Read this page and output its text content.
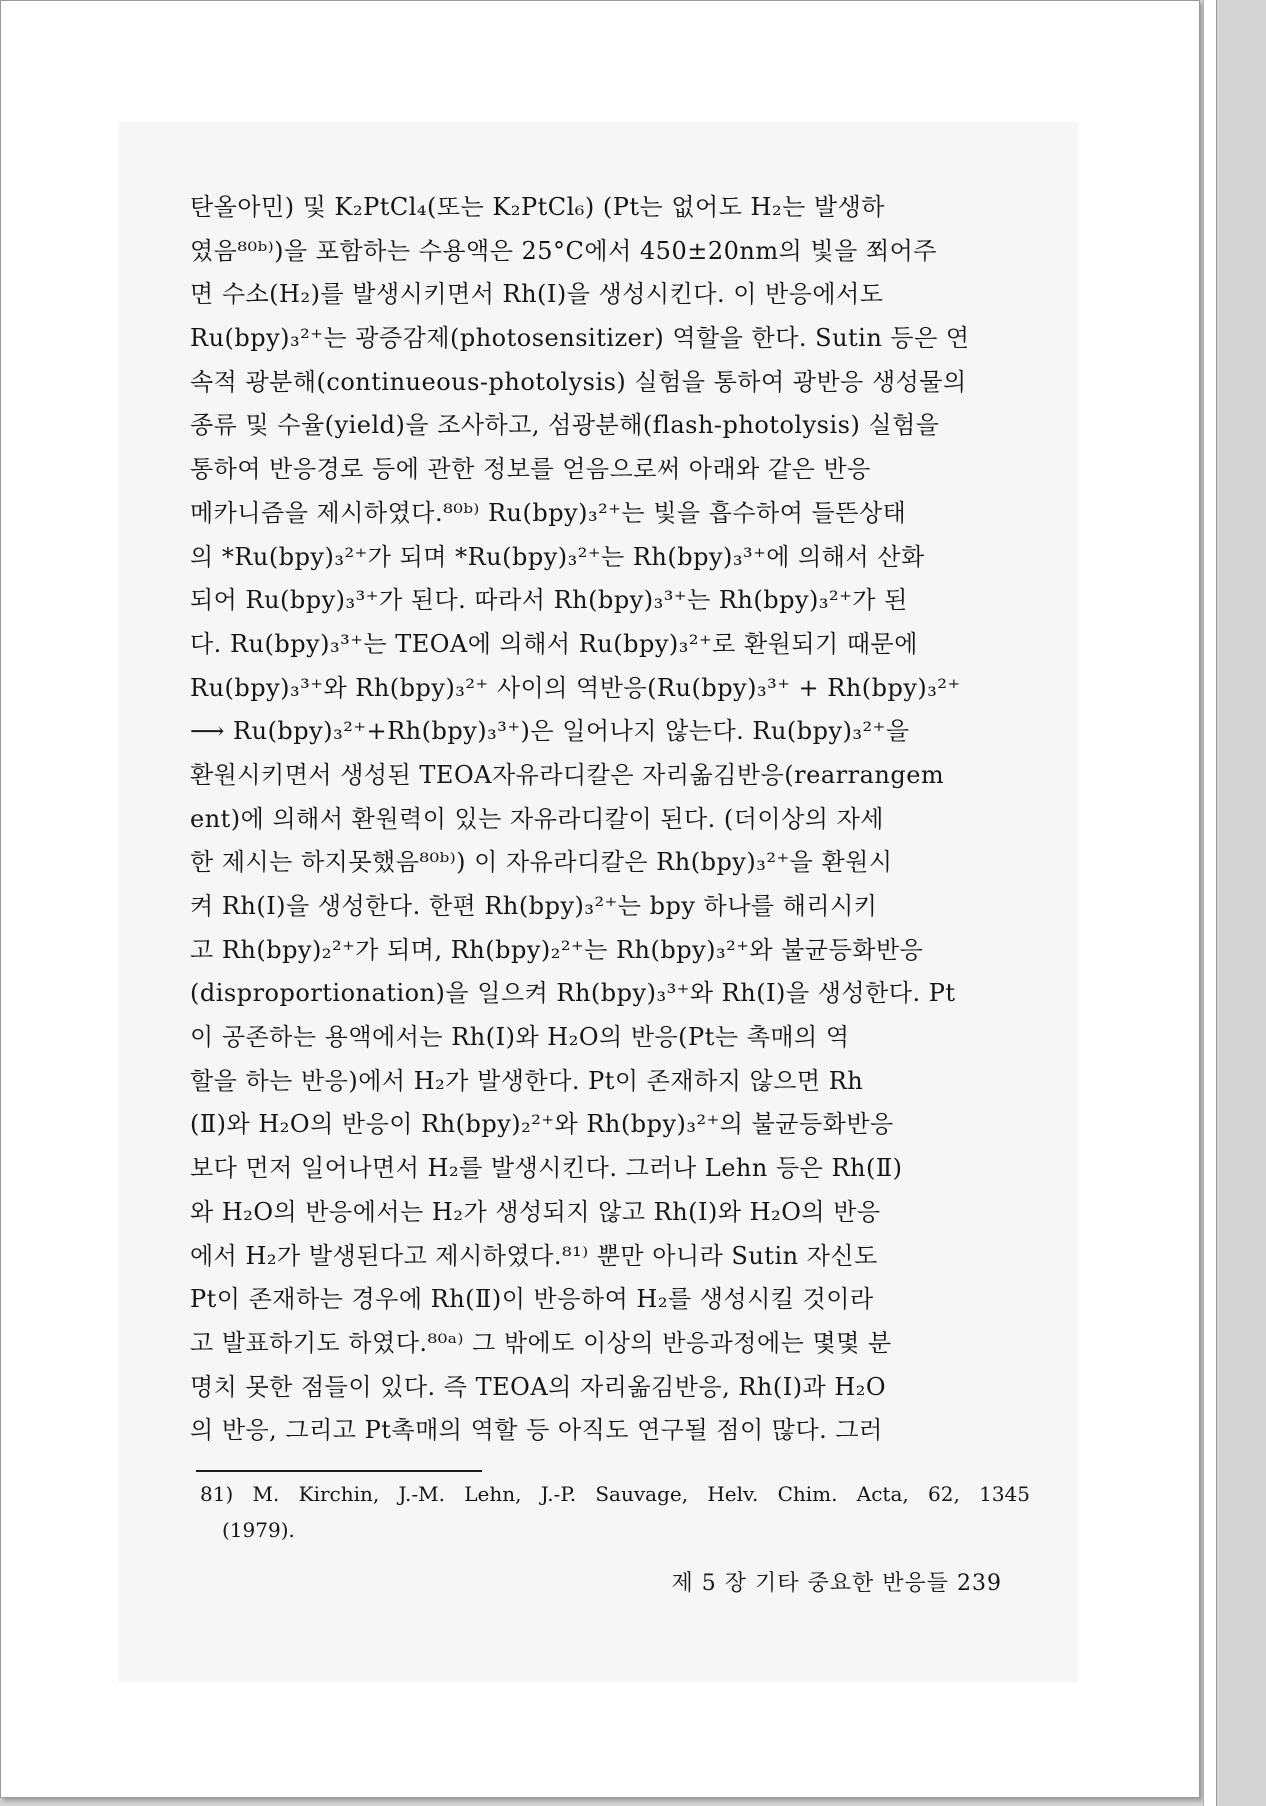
탄올아민) 및 K₂PtCl₄(또는 K₂PtCl₆) (Pt는 없어도 H₂는 발생하
였음⁸⁰ᵇ⁾)을 포함하는 수용액은 25°C에서 450±20nm의 빛을 쬐어주
면 수소(H₂)를 발생시키면서 Rh(Ⅰ)을 생성시킨다. 이 반응에서도
Ru(bpy)₃²⁺는 광증감제(photosensitizer) 역할을 한다. Sutin 등은 연
속적 광분해(continueous-photolysis) 실험을 통하여 광반응 생성물의
종류 및 수율(yield)을 조사하고, 섬광분해(flash-photolysis) 실험을
통하여 반응경로 등에 관한 정보를 얻음으로써 아래와 같은 반응
메카니즘을 제시하였다.⁸⁰ᵇ⁾ Ru(bpy)₃²⁺는 빛을 흡수하여 들뜬상태
의 *Ru(bpy)₃²⁺가 되며 *Ru(bpy)₃²⁺는 Rh(bpy)₃³⁺에 의해서 산화
되어 Ru(bpy)₃³⁺가 된다. 따라서 Rh(bpy)₃³⁺는 Rh(bpy)₃²⁺가 된
다. Ru(bpy)₃³⁺는 TEOA에 의해서 Ru(bpy)₃²⁺로 환원되기 때문에
Ru(bpy)₃³⁺와 Rh(bpy)₃²⁺ 사이의 역반응(Ru(bpy)₃³⁺ + Rh(bpy)₃²⁺
⟶ Ru(bpy)₃²⁺+Rh(bpy)₃³⁺)은 일어나지 않는다. Ru(bpy)₃²⁺을
환원시키면서 생성된 TEOA자유라디칼은 자리옮김반응(rearrangem
ent)에 의해서 환원력이 있는 자유라디칼이 된다. (더이상의 자세
한 제시는 하지못했음⁸⁰ᵇ⁾) 이 자유라디칼은 Rh(bpy)₃²⁺을 환원시
켜 Rh(Ⅰ)을 생성한다. 한편 Rh(bpy)₃²⁺는 bpy 하나를 해리시키
고 Rh(bpy)₂²⁺가 되며, Rh(bpy)₂²⁺는 Rh(bpy)₃²⁺와 불균등화반응
(disproportionation)을 일으켜 Rh(bpy)₃³⁺와 Rh(Ⅰ)을 생성한다. Pt
이 공존하는 용액에서는 Rh(Ⅰ)와 H₂O의 반응(Pt는 촉매의 역
할을 하는 반응)에서 H₂가 발생한다. Pt이 존재하지 않으면 Rh
(Ⅱ)와 H₂O의 반응이 Rh(bpy)₂²⁺와 Rh(bpy)₃²⁺의 불균등화반응
보다 먼저 일어나면서 H₂를 발생시킨다. 그러나 Lehn 등은 Rh(Ⅱ)
와 H₂O의 반응에서는 H₂가 생성되지 않고 Rh(Ⅰ)와 H₂O의 반응
에서 H₂가 발생된다고 제시하였다.⁸¹⁾ 뿐만 아니라 Sutin 자신도
Pt이 존재하는 경우에 Rh(Ⅱ)이 반응하여 H₂를 생성시킬 것이라
고 발표하기도 하였다.⁸⁰ᵃ⁾ 그 밖에도 이상의 반응과정에는 몇몇 분
명치 못한 점들이 있다. 즉 TEOA의 자리옮김반응, Rh(Ⅰ)과 H₂O
의 반응, 그리고 Pt촉매의 역할 등 아직도 연구될 점이 많다. 그러
81) M. Kirchin, J.-M. Lehn, J.-P. Sauvage, Helv. Chim. Acta, 62, 1345
(1979).
제 5 장 기타 중요한 반응들 239
